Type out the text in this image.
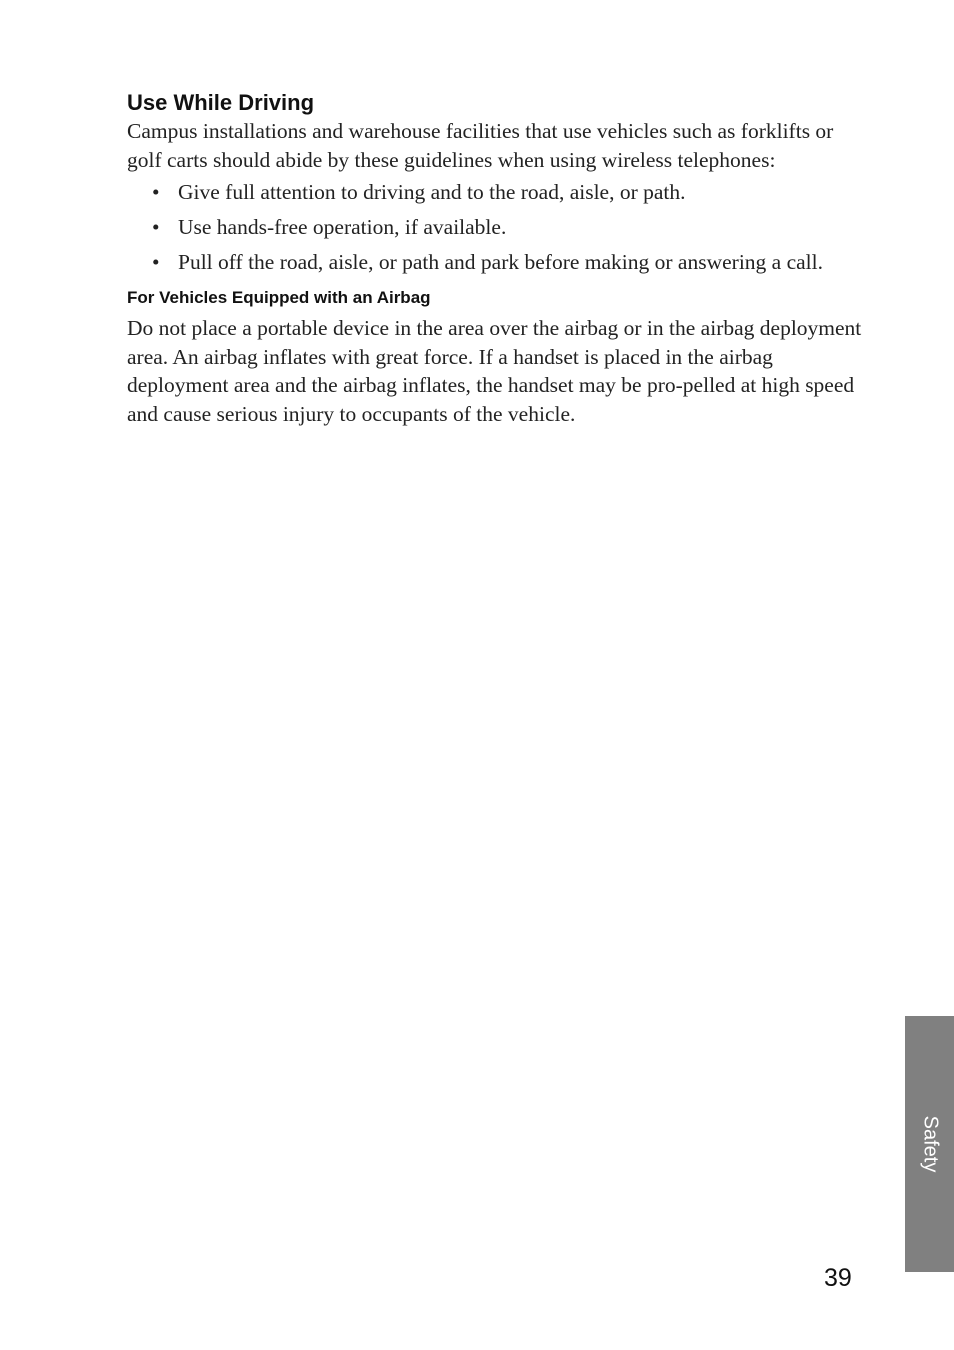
Use While Driving

Campus installations and warehouse facilities that use vehicles such as forklifts or golf carts should abide by these guidelines when using wireless telephones:

• Give full attention to driving and to the road, aisle, or path.
• Use hands-free operation, if available.
• Pull off the road, aisle, or path and park before making or answering a call.
For Vehicles Equipped with an Airbag

Do not place a portable device in the area over the airbag or in the airbag deployment area. An airbag inflates with great force. If a handset is placed in the airbag deployment area and the airbag inflates, the handset may be pro-pelled at high speed and cause serious injury to occupants of the vehicle.

Safety
39
